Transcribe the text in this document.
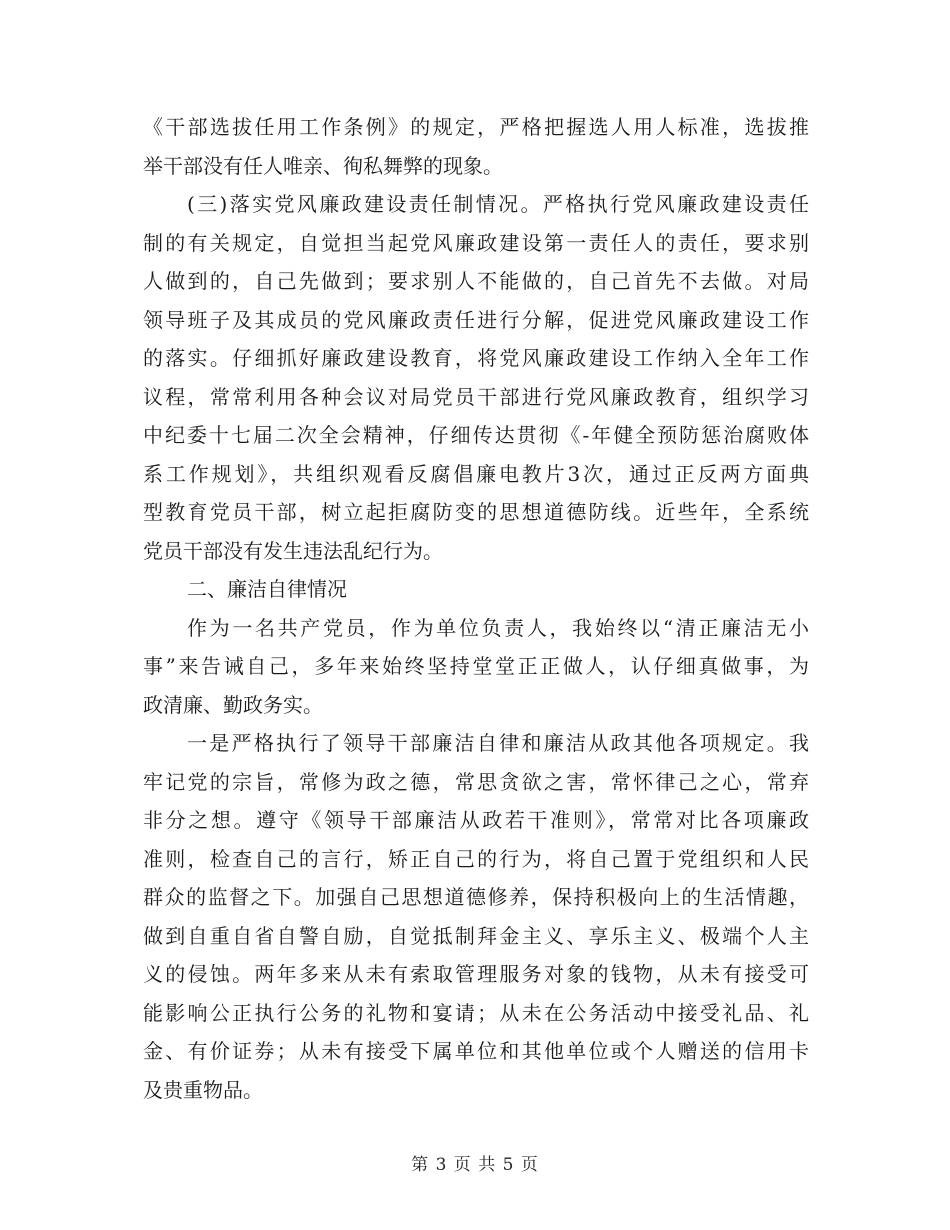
《干部选拔任用工作条例》的规定，严格把握选人用人标准，选拔推
举干部没有任人唯亲、徇私舞弊的现象。
(三)落实党风廉政建设责任制情况。严格执行党风廉政建设责任
制的有关规定，自觉担当起党风廉政建设第一责任人的责任，要求别
人做到的，自己先做到；要求别人不能做的，自己首先不去做。对局
领导班子及其成员的党风廉政责任进行分解，促进党风廉政建设工作
的落实。仔细抓好廉政建设教育，将党风廉政建设工作纳入全年工作
议程，常常利用各种会议对局党员干部进行党风廉政教育，组织学习
中纪委十七届二次全会精神，仔细传达贯彻《-年健全预防惩治腐败体
系工作规划》，共组织观看反腐倡廉电教片3次，通过正反两方面典
型教育党员干部，树立起拒腐防变的思想道德防线。近些年，全系统
党员干部没有发生违法乱纪行为。
二、廉洁自律情况
作为一名共产党员，作为单位负责人，我始终以“清正廉洁无小
事”来告诫自己，多年来始终坚持堂堂正正做人，认仔细真做事，为
政清廉、勤政务实。
一是严格执行了领导干部廉洁自律和廉洁从政其他各项规定。我
牢记党的宗旨，常修为政之德，常思贪欲之害，常怀律己之心，常弃
非分之想。遵守《领导干部廉洁从政若干准则》，常常对比各项廉政
准则，检查自己的言行，矫正自己的行为，将自己置于党组织和人民
群众的监督之下。加强自己思想道德修养，保持积极向上的生活情趣，
做到自重自省自警自励，自觉抵制拜金主义、享乐主义、极端个人主
义的侵蚀。两年多来从未有索取管理服务对象的钱物，从未有接受可
能影响公正执行公务的礼物和宴请；从未在公务活动中接受礼品、礼
金、有价证券；从未有接受下属单位和其他单位或个人赠送的信用卡
及贵重物品。
第 3 页 共 5 页
